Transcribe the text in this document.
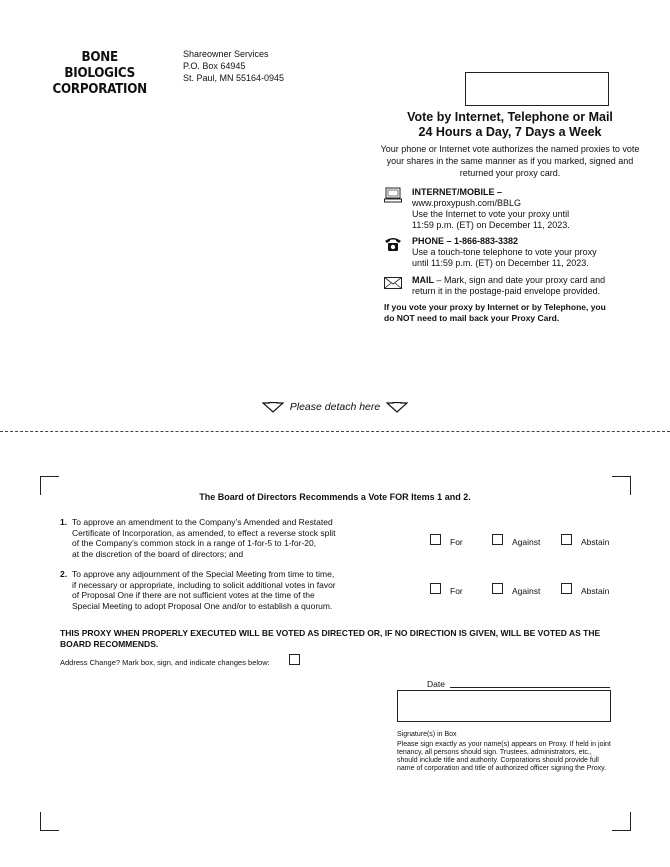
BONE BIOLOGICS
CORPORATION
Shareowner Services
P.O. Box 64945
St. Paul, MN 55164-0945
Vote by Internet, Telephone or Mail
24 Hours a Day, 7 Days a Week
Your phone or Internet vote authorizes the named proxies to vote your shares in the same manner as if you marked, signed and returned your proxy card.
INTERNET/MOBILE –
www.proxypush.com/BBLG
Use the Internet to vote your proxy until
11:59 p.m. (ET) on December 11, 2023.
PHONE – 1-866-883-3382
Use a touch-tone telephone to vote your proxy
until 11:59 p.m. (ET) on December 11, 2023.
MAIL – Mark, sign and date your proxy card and
return it in the postage-paid envelope provided.
If you vote your proxy by Internet or by Telephone, you
do NOT need to mail back your Proxy Card.
Please detach here
The Board of Directors Recommends a Vote FOR Items 1 and 2.
1. To approve an amendment to the Company’s Amended and Restated
Certificate of Incorporation, as amended, to effect a reverse stock split
of the Company’s common stock in a range of 1-for-5 to 1-for-20,
at the discretion of the board of directors; and
For	Against	Abstain
2. To approve any adjournment of the Special Meeting from time to time,
if necessary or appropriate, including to solicit additional votes in favor
of Proposal One if there are not sufficient votes at the time of the
Special Meeting to adopt Proposal One and/or to establish a quorum.
For	Against	Abstain
THIS PROXY WHEN PROPERLY EXECUTED WILL BE VOTED AS DIRECTED OR, IF NO DIRECTION IS GIVEN, WILL BE VOTED AS THE BOARD RECOMMENDS.
Address Change? Mark box, sign, and indicate changes below:
Date
Signature(s) in Box
Please sign exactly as your name(s) appears on Proxy. If held in joint tenancy, all persons should sign. Trustees, administrators, etc., should include title and authority. Corporations should provide full name of corporation and title of authorized officer signing the Proxy.
